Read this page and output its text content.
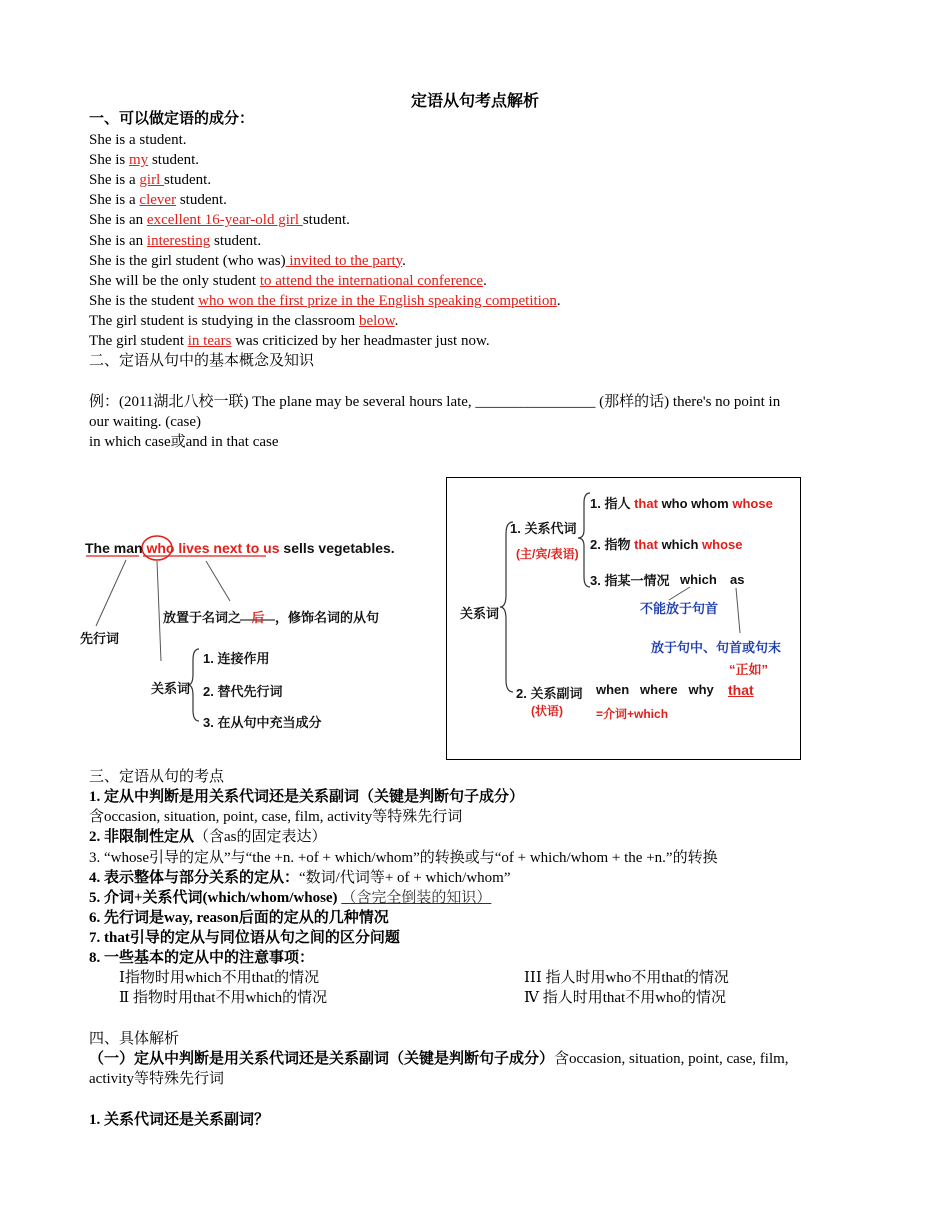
定语从句考点解析
一、可以做定语的成分：
She is a student.
She is my student.
She is a girl student.
She is a clever student.
She is an excellent 16-year-old girl student.
She is an interesting student.
She is the girl student (who was) invited to the party.
She will be the only student to attend the international conference.
She is the student who won the first prize in the English speaking competition.
The girl student is studying in the classroom below.
The girl student in tears was criticized by her headmaster just now.
二、定语从句中的基本概念及知识
例：(2011湖北八校一联) The plane may be several hours late, ________________ (那样的话) there's no point in
our waiting. (case)
in which case或and in that case
The man who lives next to us sells vegetables.
先行词
放置于名词之 后 ，修饰名词的从句
关系词
1. 连接作用
2. 替代先行词
3. 在从句中充当成分
关系词
1. 关系代词
(主/宾/表语)
1. 指人 that who whom whose
2. 指物 that which whose
3. 指某一情况 which as
不能放于句首
放于句中、句首或句末
“正如”
2. 关系副词
(状语)
when   where   why that
=介词+which
三、定语从句的考点
1. 定从中判断是用关系代词还是关系副词（关键是判断句子成分）
含occasion, situation, point, case, film, activity等特殊先行词
2. 非限制性定从（含as的固定表达）
3. “whose引导的定从”与“the +n. +of + which/whom”的转换或与“of + which/whom + the +n.”的转换
4. 表示整体与部分关系的定从：“数词/代词等+ of + which/whom”
5. 介词+关系代词(which/whom/whose) （含完全倒装的知识）
6. 先行词是way, reason后面的定从的几种情况
7. that引导的定从与同位语从句之间的区分问题
8. 一些基本的定从中的注意事项：
Ⅰ指物时用which不用that的情况
Ⅱ 指物时用that不用which的情况
ⅠⅠⅠ 指人时用who不用that的情况
Ⅳ 指人时用that不用who的情况
四、具体解析
（一）定从中判断是用关系代词还是关系副词（关键是判断句子成分）含occasion, situation, point, case, film,
activity等特殊先行词
1. 关系代词还是关系副词？
